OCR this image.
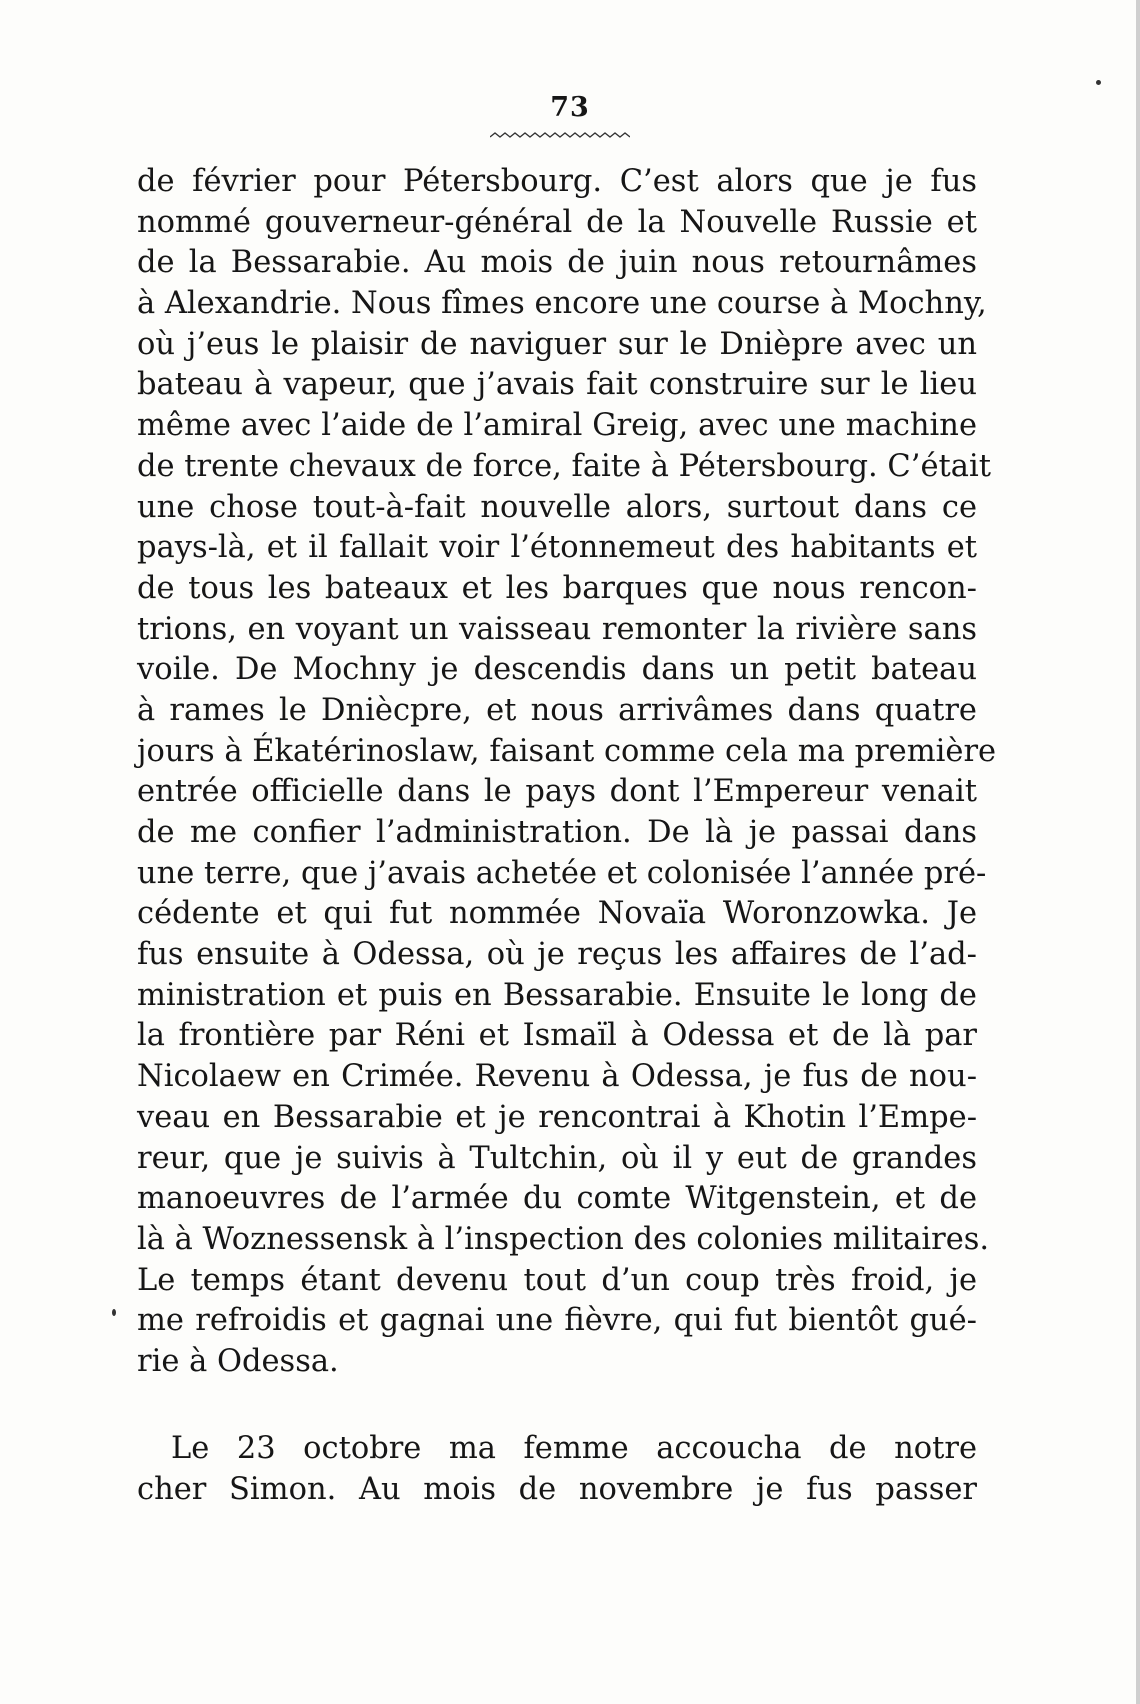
73
de février pour Pétersbourg. C’est alors que je fus
nommé gouverneur-général de la Nouvelle Russie et
de la Bessarabie. Au mois de juin nous retournâmes
à Alexandrie. Nous fîmes encore une course à Mochny,
où j’eus le plaisir de naviguer sur le Dnièpre avec un
bateau à vapeur, que j’avais fait construire sur le lieu
même avec l’aide de l’amiral Greig, avec une machine
de trente chevaux de force, faite à Pétersbourg. C’était
une chose tout-à-fait nouvelle alors, surtout dans ce
pays-là, et il fallait voir l’étonnemeut des habitants et
de tous les bateaux et les barques que nous rencon-
trions, en voyant un vaisseau remonter la rivière sans
voile. De Mochny je descendis dans un petit bateau
à rames le Dniècpre, et nous arrivâmes dans quatre
jours à Ékatérinoslaw, faisant comme cela ma première
entrée officielle dans le pays dont l’Empereur venait
de me confier l’administration. De là je passai dans
une terre, que j’avais achetée et colonisée l’année pré-
cédente et qui fut nommée Novaïa Woronzowka. Je
fus ensuite à Odessa, où je reçus les affaires de l’ad-
ministration et puis en Bessarabie. Ensuite le long de
la frontière par Réni et Ismaïl à Odessa et de là par
Nicolaew en Crimée. Revenu à Odessa, je fus de nou-
veau en Bessarabie et je rencontrai à Khotin l’Empe-
reur, que je suivis à Tultchin, où il y eut de grandes
manoeuvres de l’armée du comte Witgenstein, et de
là à Woznessensk à l’inspection des colonies militaires.
Le temps étant devenu tout d’un coup très froid, je
me refroidis et gagnai une fièvre, qui fut bientôt gué-
rie à Odessa.
Le 23 octobre ma femme accoucha de notre
cher Simon. Au mois de novembre je fus passer
